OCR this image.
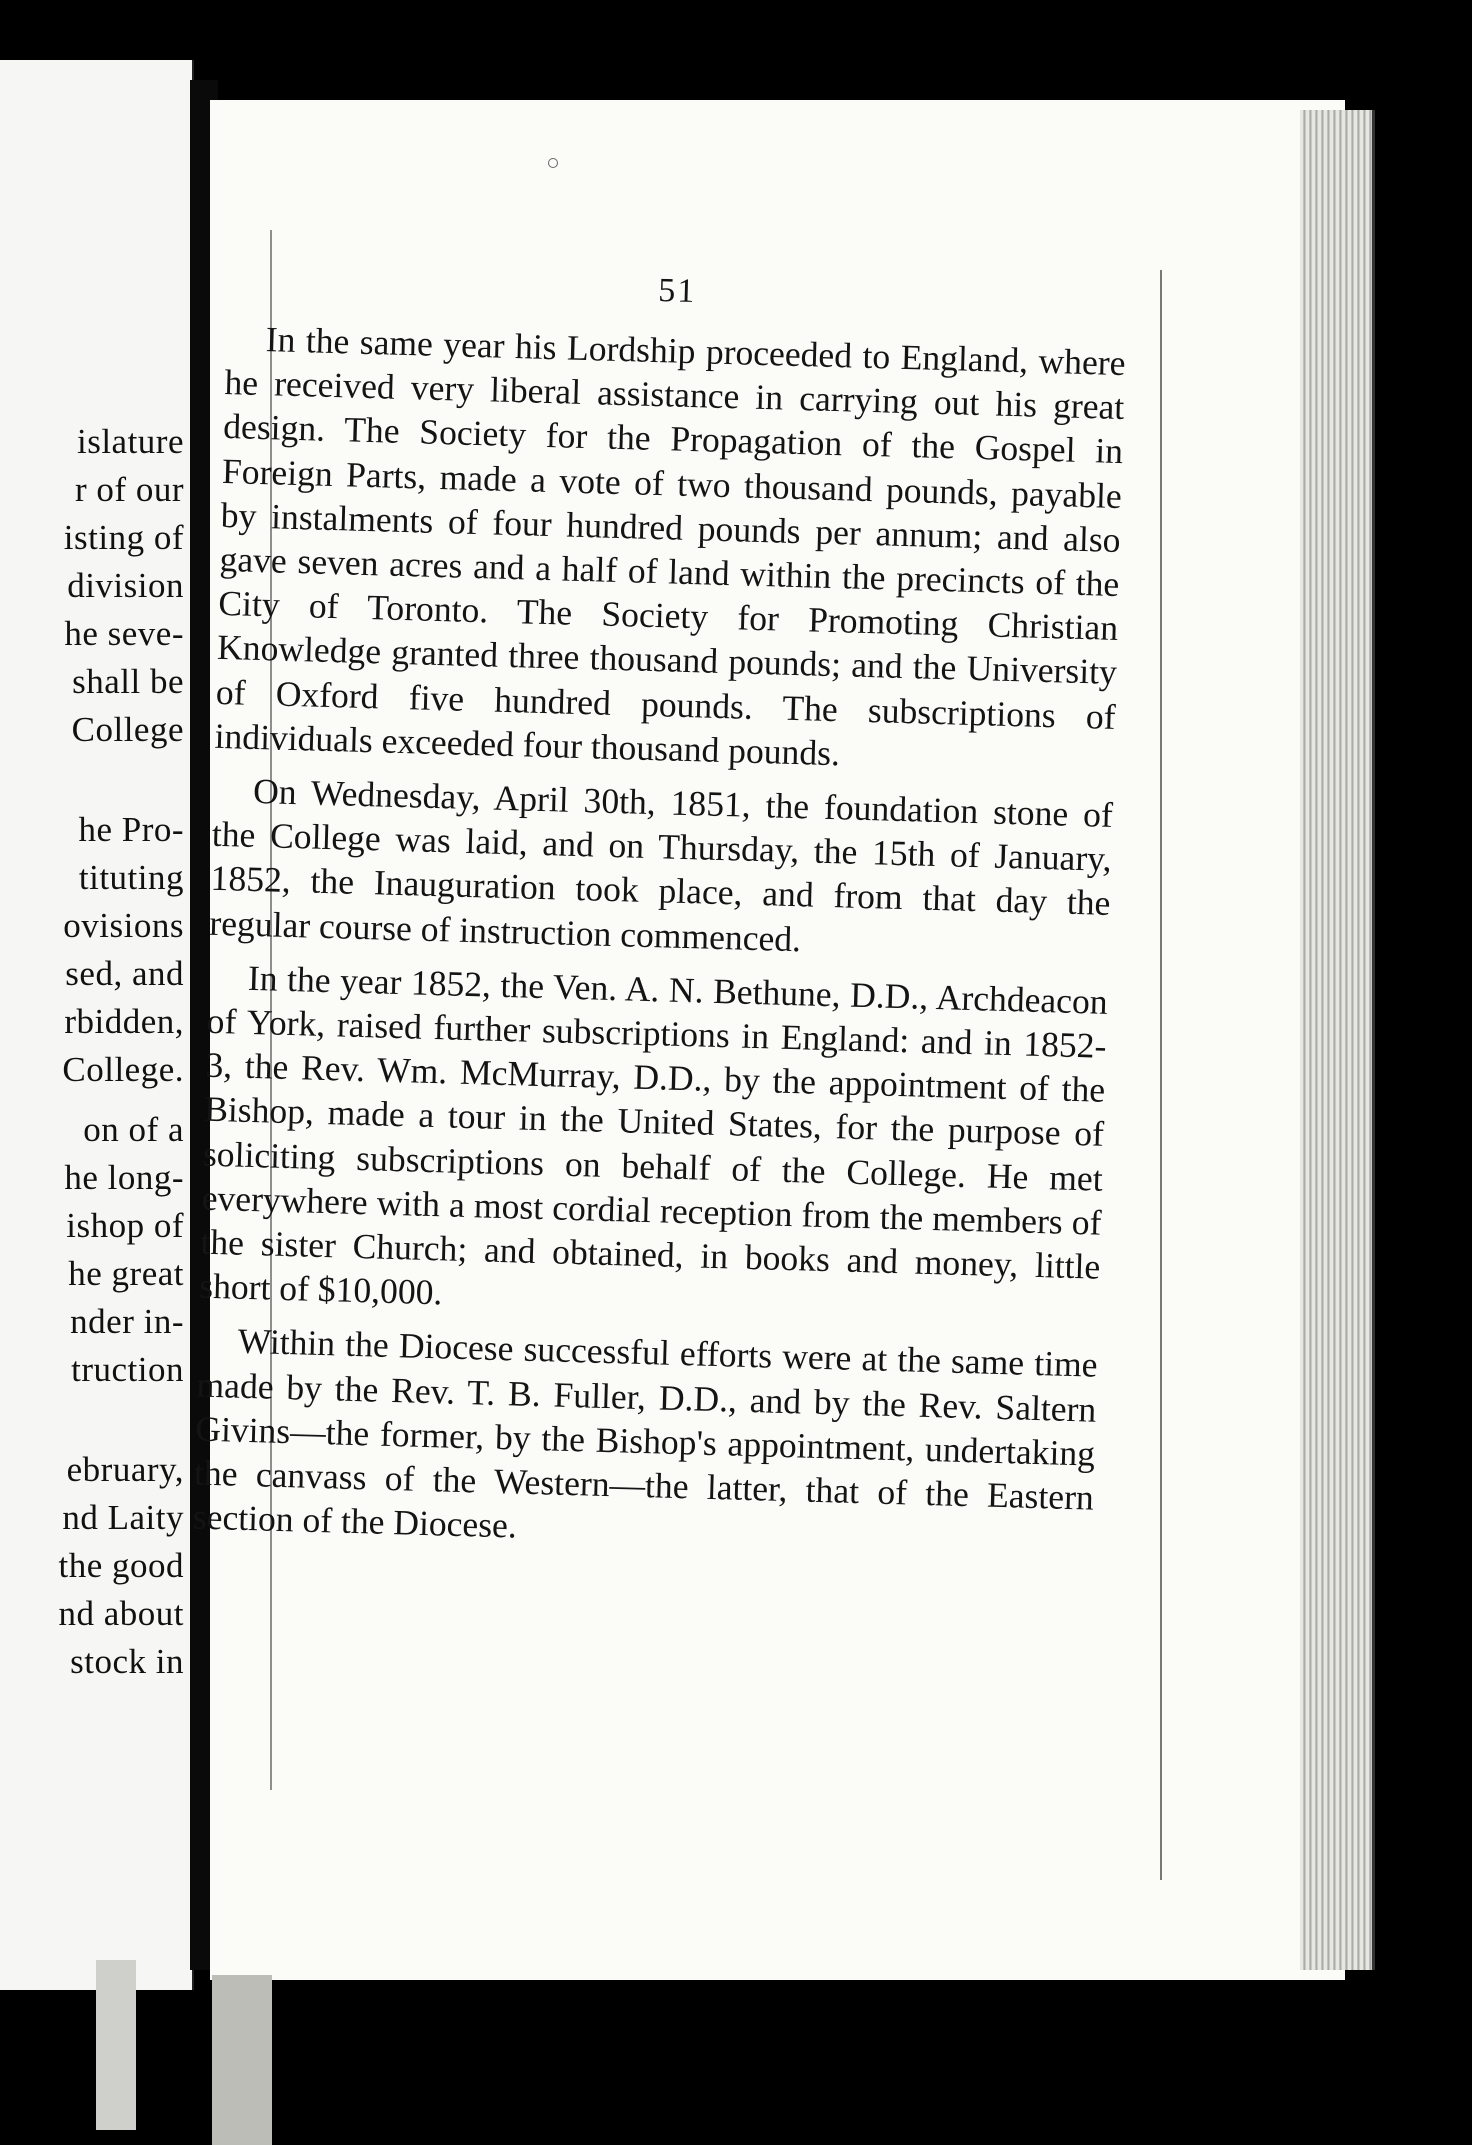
islature
r of our
isting of
division
he seve-
shall be
College
he Pro-
tituting
ovisions
sed, and
rbidden,
College.
on of a
he long-
ishop of
he great
nder in-
truction
ebruary,
nd Laity
the good
nd about
stock in
51

In the same year his Lordship proceeded to England, where he received very liberal assistance in carrying out his great design. The Society for the Propagation of the Gospel in Foreign Parts, made a vote of two thousand pounds, payable by instalments of four hundred pounds per annum; and also gave seven acres and a half of land within the precincts of the City of Toronto. The Society for Promoting Christian Knowledge granted three thousand pounds; and the University of Oxford five hundred pounds. The subscriptions of individuals exceeded four thousand pounds.

On Wednesday, April 30th, 1851, the foundation stone of the College was laid, and on Thursday, the 15th of January, 1852, the Inauguration took place, and from that day the regular course of instruction commenced.

In the year 1852, the Ven. A. N. Bethune, D.D., Archdeacon of York, raised further subscriptions in England: and in 1852-3, the Rev. Wm. McMurray, D.D., by the appointment of the Bishop, made a tour in the United States, for the purpose of soliciting subscriptions on behalf of the College. He met everywhere with a most cordial reception from the members of the sister Church; and obtained, in books and money, little short of $10,000.

Within the Diocese successful efforts were at the same time made by the Rev. T. B. Fuller, D.D., and by the Rev. Saltern Givins—the former, by the Bishop's appointment, undertaking the canvass of the Western—the latter, that of the Eastern section of the Diocese.
